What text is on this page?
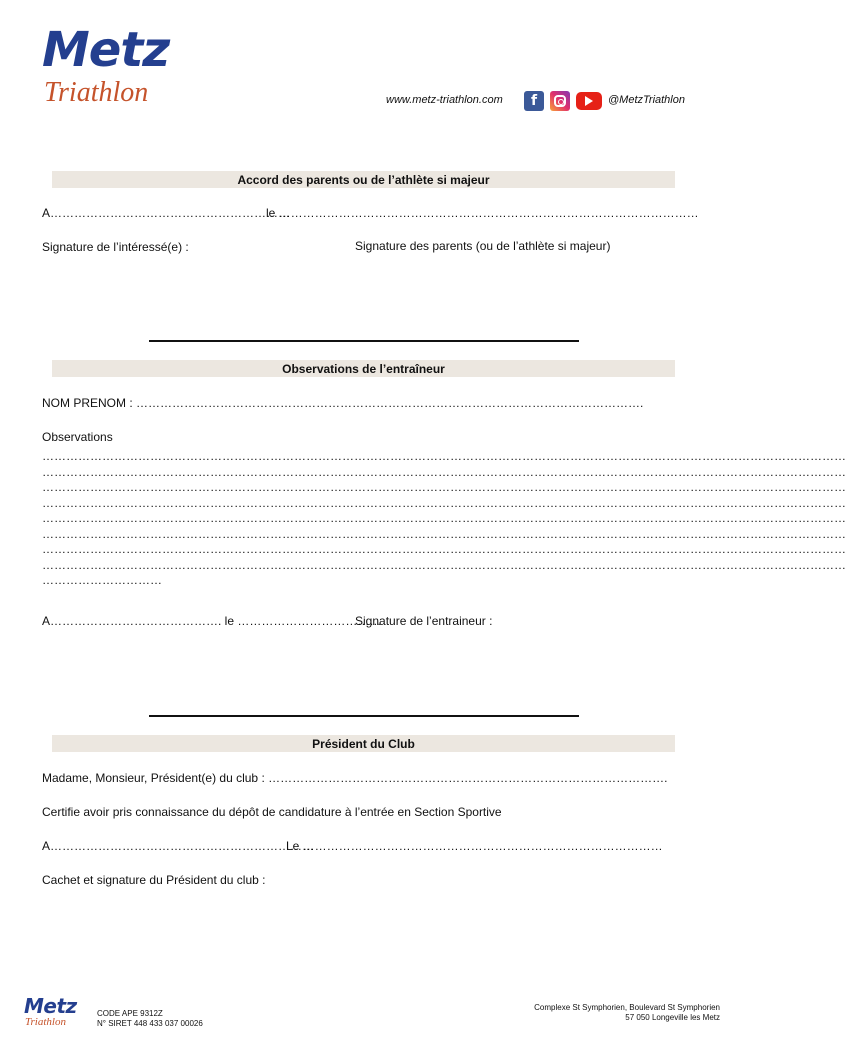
Metz
Triathlon	www.metz-triathlon.com	f	@MetzTriathlon
Accord des parents ou de l’athlète si majeur
A……………………………………………………
le ……………………………………………………………………………………………
Signature de l’intéressé(e) :	Signature des parents (ou de l’athlète si majeur)
Observations de l’entraîneur
NOM PRENOM : ……………………………………………………………………………………………………………….
Observations
…………………………………………………………………………………………………………………………………………………………………………………
…………………………………………………………………………………………………………………………………………………………………………………
…………………………………………………………………………………………………………………………………………………………………………………
…………………………………………………………………………………………………………………………………………………………………………………
…………………………………………………………………………………………………………………………………………………………………………………
…………………………………………………………………………………………………………………………………………………………………………………
…………………………………………………………………………………………………………………………………………………………………………………
…………………………………………………………………………………………………………………………………………………………………………………
…………………………
A……………………………………. le ………………………………
Signature de l’entraineur :
Président du Club
Madame, Monsieur, Président(e) du club : ……………………………………………………………………………………….
Certifie avoir pris connaissance du dépôt de candidature à l’entrée en Section Sportive
A…………………………………………………………
Le ………………………………………………………………………………
Cachet et signature du Président du club :
Metz
Triathlon
CODE APE 9312Z
N° SIRET 448 433 037 00026
Complexe St Symphorien, Boulevard St Symphorien
57 050 Longeville les Metz
